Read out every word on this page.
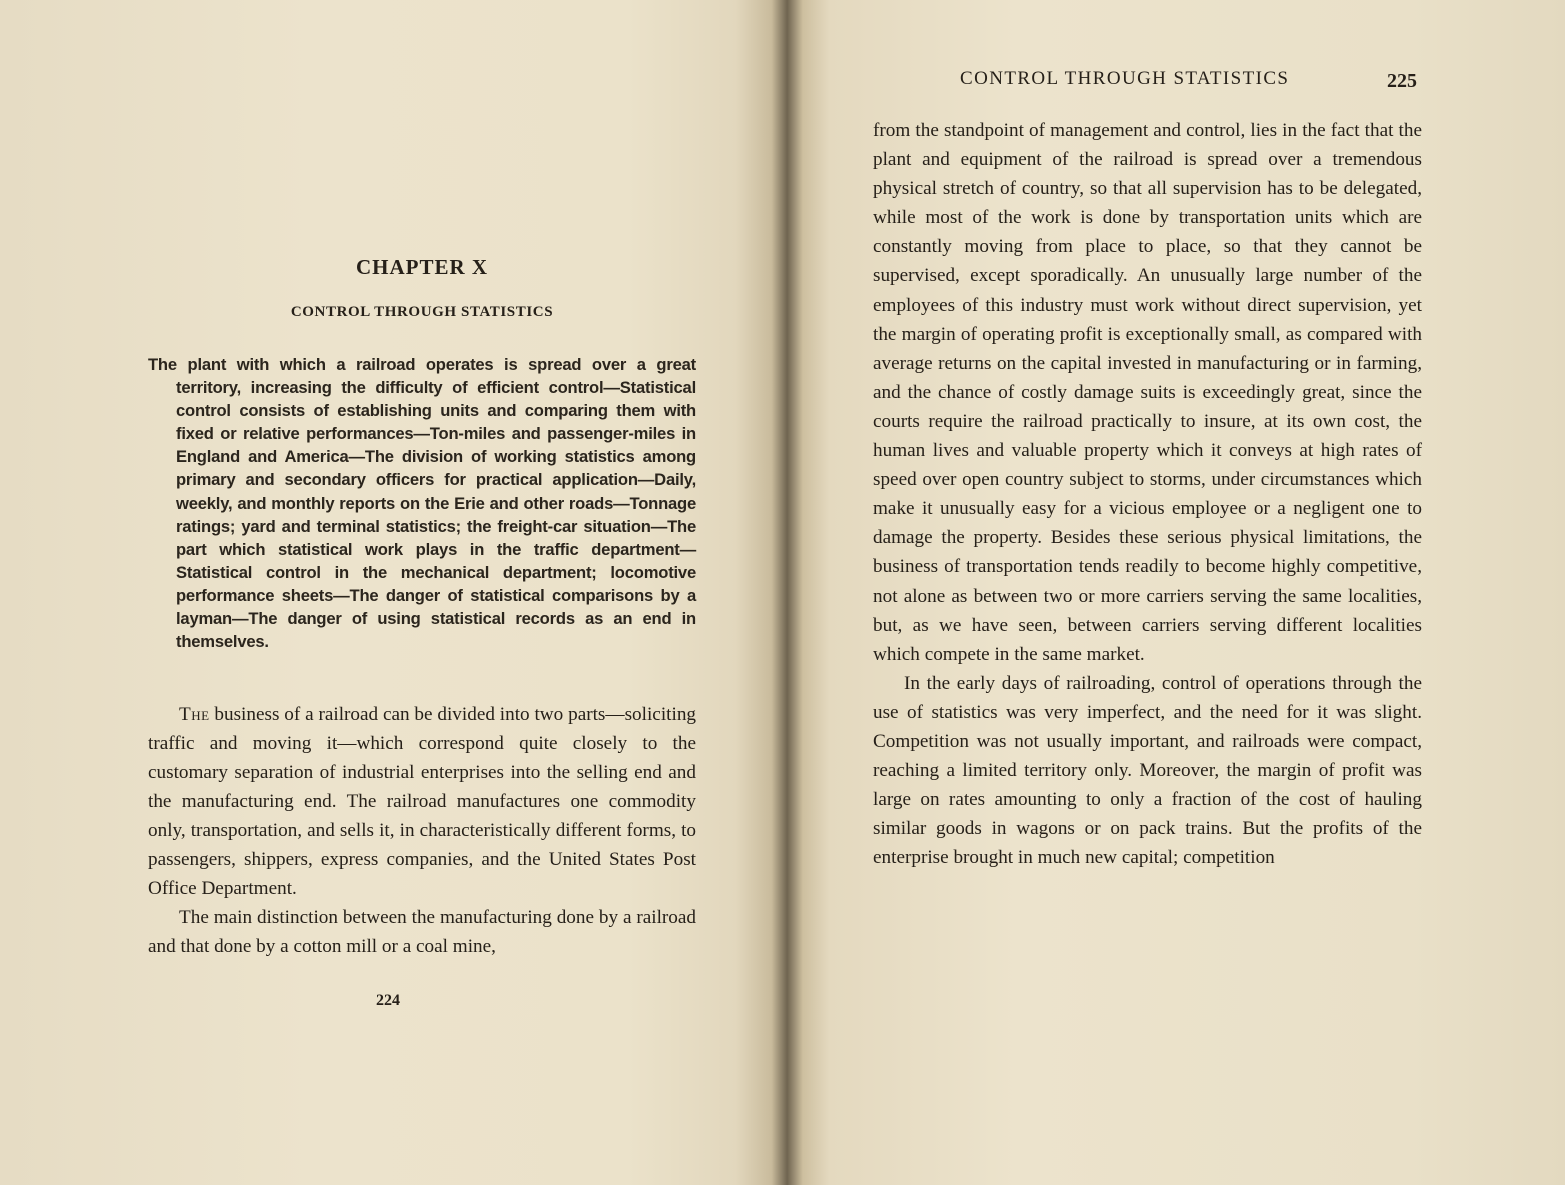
CHAPTER X
CONTROL THROUGH STATISTICS

The plant with which a railroad operates is spread over a great territory, increasing the difficulty of efficient control—Statistical control consists of establishing units and comparing them with fixed or relative performances—Ton-miles and passenger-miles in England and America—The division of working statistics among primary and secondary officers for practical application—Daily, weekly, and monthly reports on the Erie and other roads—Tonnage ratings; yard and terminal statistics; the freight-car situation—The part which statistical work plays in the traffic department—Statistical control in the mechanical department; locomotive performance sheets—The danger of statistical comparisons by a layman—The danger of using statistical records as an end in themselves.

The business of a railroad can be divided into two parts—soliciting traffic and moving it—which correspond quite closely to the customary separation of industrial enterprises into the selling end and the manufacturing end. The railroad manufactures one commodity only, transportation, and sells it, in characteristically different forms, to passengers, shippers, express companies, and the United States Post Office Department.

The main distinction between the manufacturing done by a railroad and that done by a cotton mill or a coal mine,

224
CONTROL THROUGH STATISTICS	225

from the standpoint of management and control, lies in the fact that the plant and equipment of the railroad is spread over a tremendous physical stretch of country, so that all supervision has to be delegated, while most of the work is done by transportation units which are constantly moving from place to place, so that they cannot be supervised, except sporadically. An unusually large number of the employees of this industry must work without direct supervision, yet the margin of operating profit is exceptionally small, as compared with average returns on the capital invested in manufacturing or in farming, and the chance of costly damage suits is exceedingly great, since the courts require the railroad practically to insure, at its own cost, the human lives and valuable property which it conveys at high rates of speed over open country subject to storms, under circumstances which make it unusually easy for a vicious employee or a negligent one to damage the property. Besides these serious physical limitations, the business of transportation tends readily to become highly competitive, not alone as between two or more carriers serving the same localities, but, as we have seen, between carriers serving different localities which compete in the same market.

In the early days of railroading, control of operations through the use of statistics was very imperfect, and the need for it was slight. Competition was not usually important, and railroads were compact, reaching a limited territory only. Moreover, the margin of profit was large on rates amounting to only a fraction of the cost of hauling similar goods in wagons or on pack trains. But the profits of the enterprise brought in much new capital; competition
